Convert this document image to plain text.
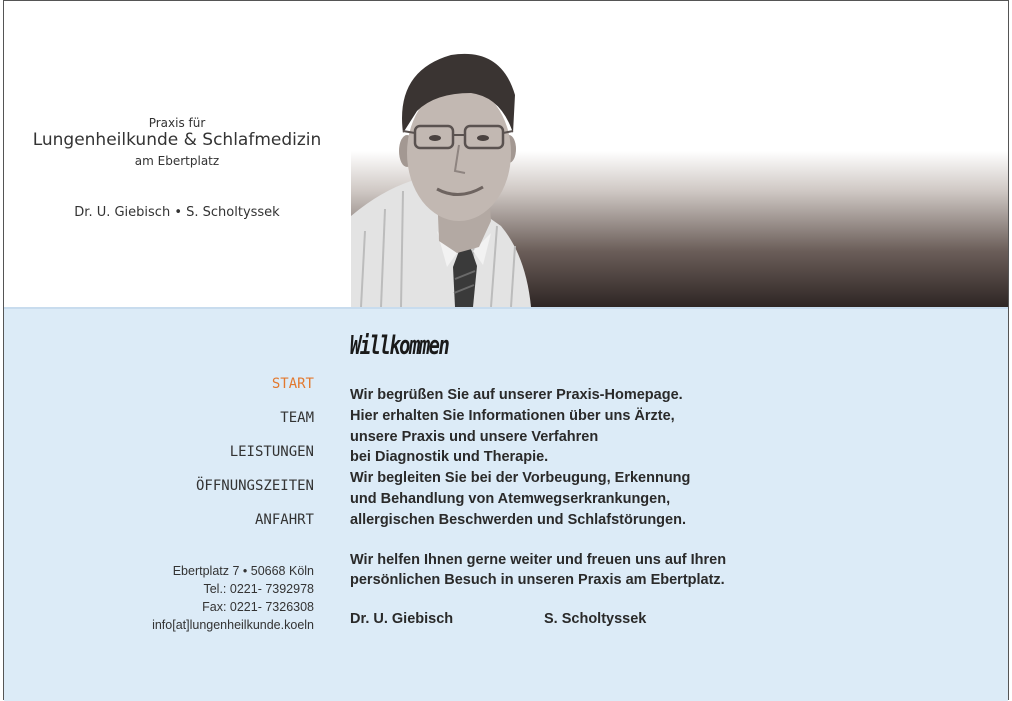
Praxis für
Lungenheilkunde & Schlafmedizin
am Ebertplatz
Dr. U. Giebisch • S. Scholtyssek
START
TEAM
LEISTUNGEN
ÖFFNUNGSZEITEN
ANFAHRT
Ebertplatz 7 • 50668 Köln
Tel.: 0221- 7392978
Fax: 0221- 7326308
info[at]lungenheilkunde.koeln
Willkommen

Wir begrüßen Sie auf unserer Praxis-Homepage.

Hier erhalten Sie Informationen über uns Ärzte,

unsere Praxis und unsere Verfahren

bei Diagnostik und Therapie.

Wir begleiten Sie bei der Vorbeugung, Erkennung

und Behandlung von Atemwegserkrankungen,

allergischen Beschwerden und Schlafstörungen.

Wir helfen Ihnen gerne weiter und freuen uns auf Ihren

persönlichen Besuch in unseren Praxis am Ebertplatz.

Dr. U. Giebisch	S. Scholtyssek
